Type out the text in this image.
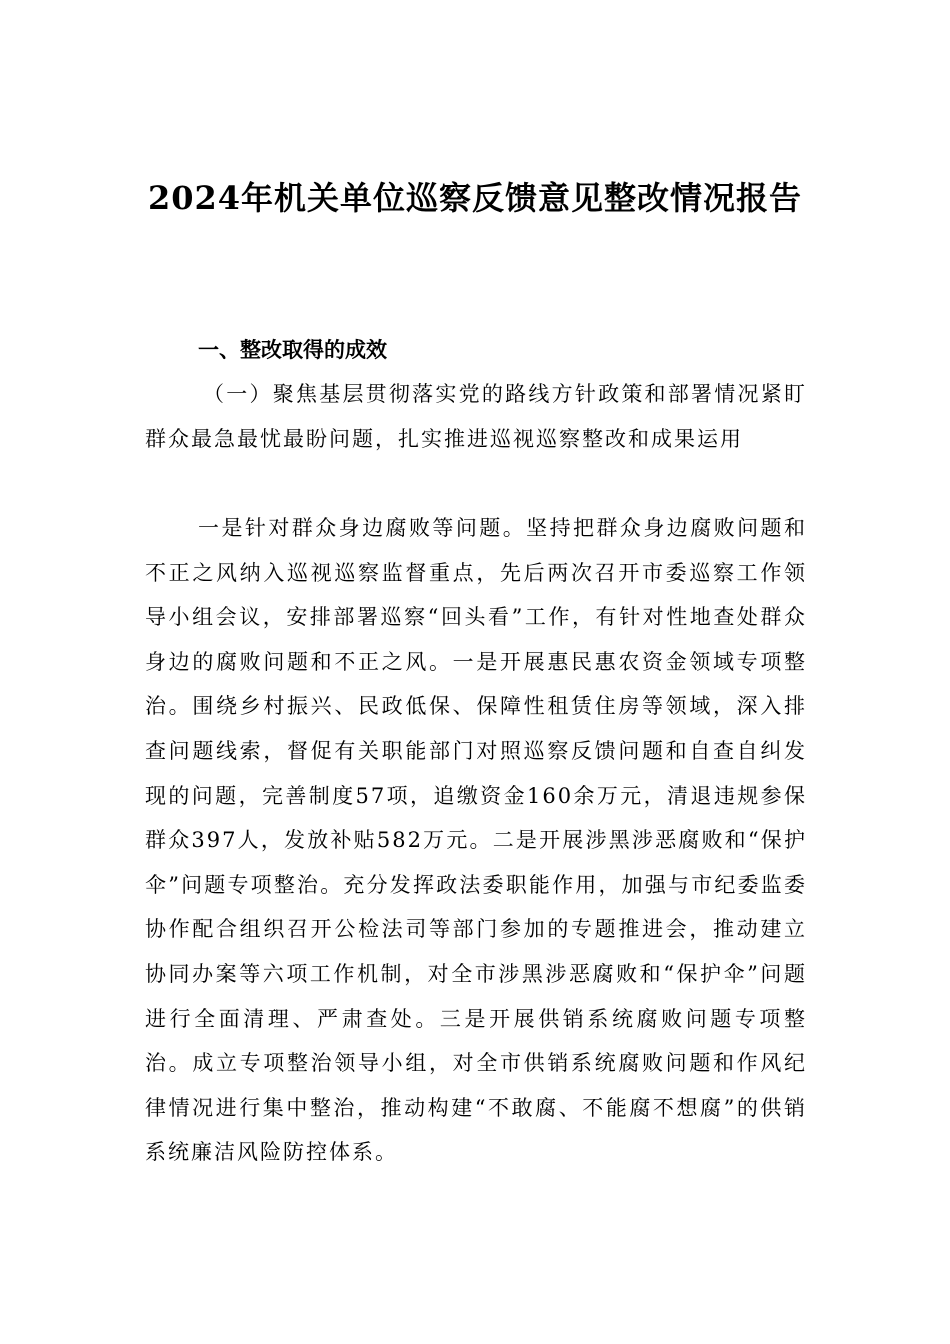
2024年机关单位巡察反馈意见整改情况报告

一、整改取得的成效

（一）聚焦基层贯彻落实党的路线方针政策和部署情况紧盯群众最急最忧最盼问题，扎实推进巡视巡察整改和成果运用

一是针对群众身边腐败等问题。坚持把群众身边腐败问题和不正之风纳入巡视巡察监督重点，先后两次召开市委巡察工作领导小组会议，安排部署巡察“回头看”工作，有针对性地查处群众身边的腐败问题和不正之风。一是开展惠民惠农资金领域专项整治。围绕乡村振兴、民政低保、保障性租赁住房等领域，深入排查问题线索，督促有关职能部门对照巡察反馈问题和自查自纠发现的问题，完善制度57项，追缴资金160余万元，清退违规参保群众397人，发放补贴582万元。二是开展涉黑涉恶腐败和“保护伞”问题专项整治。充分发挥政法委职能作用，加强与市纪委监委协作配合组织召开公检法司等部门参加的专题推进会，推动建立协同办案等六项工作机制，对全市涉黑涉恶腐败和“保护伞”问题进行全面清理、严肃查处。三是开展供销系统腐败问题专项整治。成立专项整治领导小组，对全市供销系统腐败问题和作风纪律情况进行集中整治，推动构建“不敢腐、不能腐不想腐”的供销系统廉洁风险防控体系。
